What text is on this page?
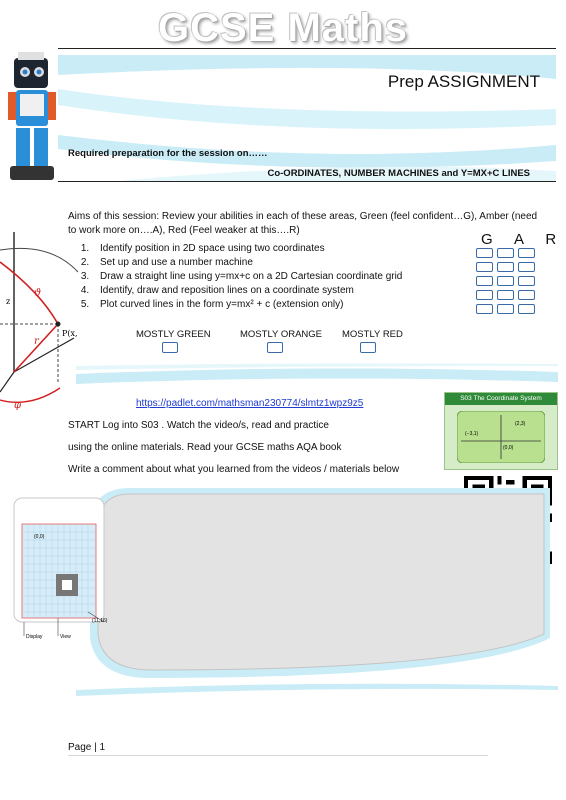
GCSE Maths
Prep ASSIGNMENT
Required preparation for the session on……
Co-ORDINATES, NUMBER MACHINES and Y=MX+C LINES
Aims of this session: Review your abilities in each of these areas, Green (feel confident…G), Amber (need to work more on….A), Red (Feel weaker at this….R)
z
ϑ
r
P(x,
φ
1. Identify position in 2D space using two coordinates
2. Set up and use a number machine
3. Draw a straight line using y=mx+c on a 2D Cartesian coordinate grid
4. Identify, draw and reposition lines on a coordinate system
5. Plot curved lines in the form y=mx² + c (extension only)
G A R
MOSTLY GREEN	MOSTLY ORANGE MOSTLY RED
https://padlet.com/mathsman230774/slmtz1wpz9z5
START Log into S03 . Watch the video/s, read and practice
using the online materials. Read your GCSE maths AQA book
Write a comment about what you learned from the videos / materials below
S03 The Coordinate System
(2,3)
(−3,1)
(0,0)
(0,0)
Display	View
(11,16)
Page | 1
